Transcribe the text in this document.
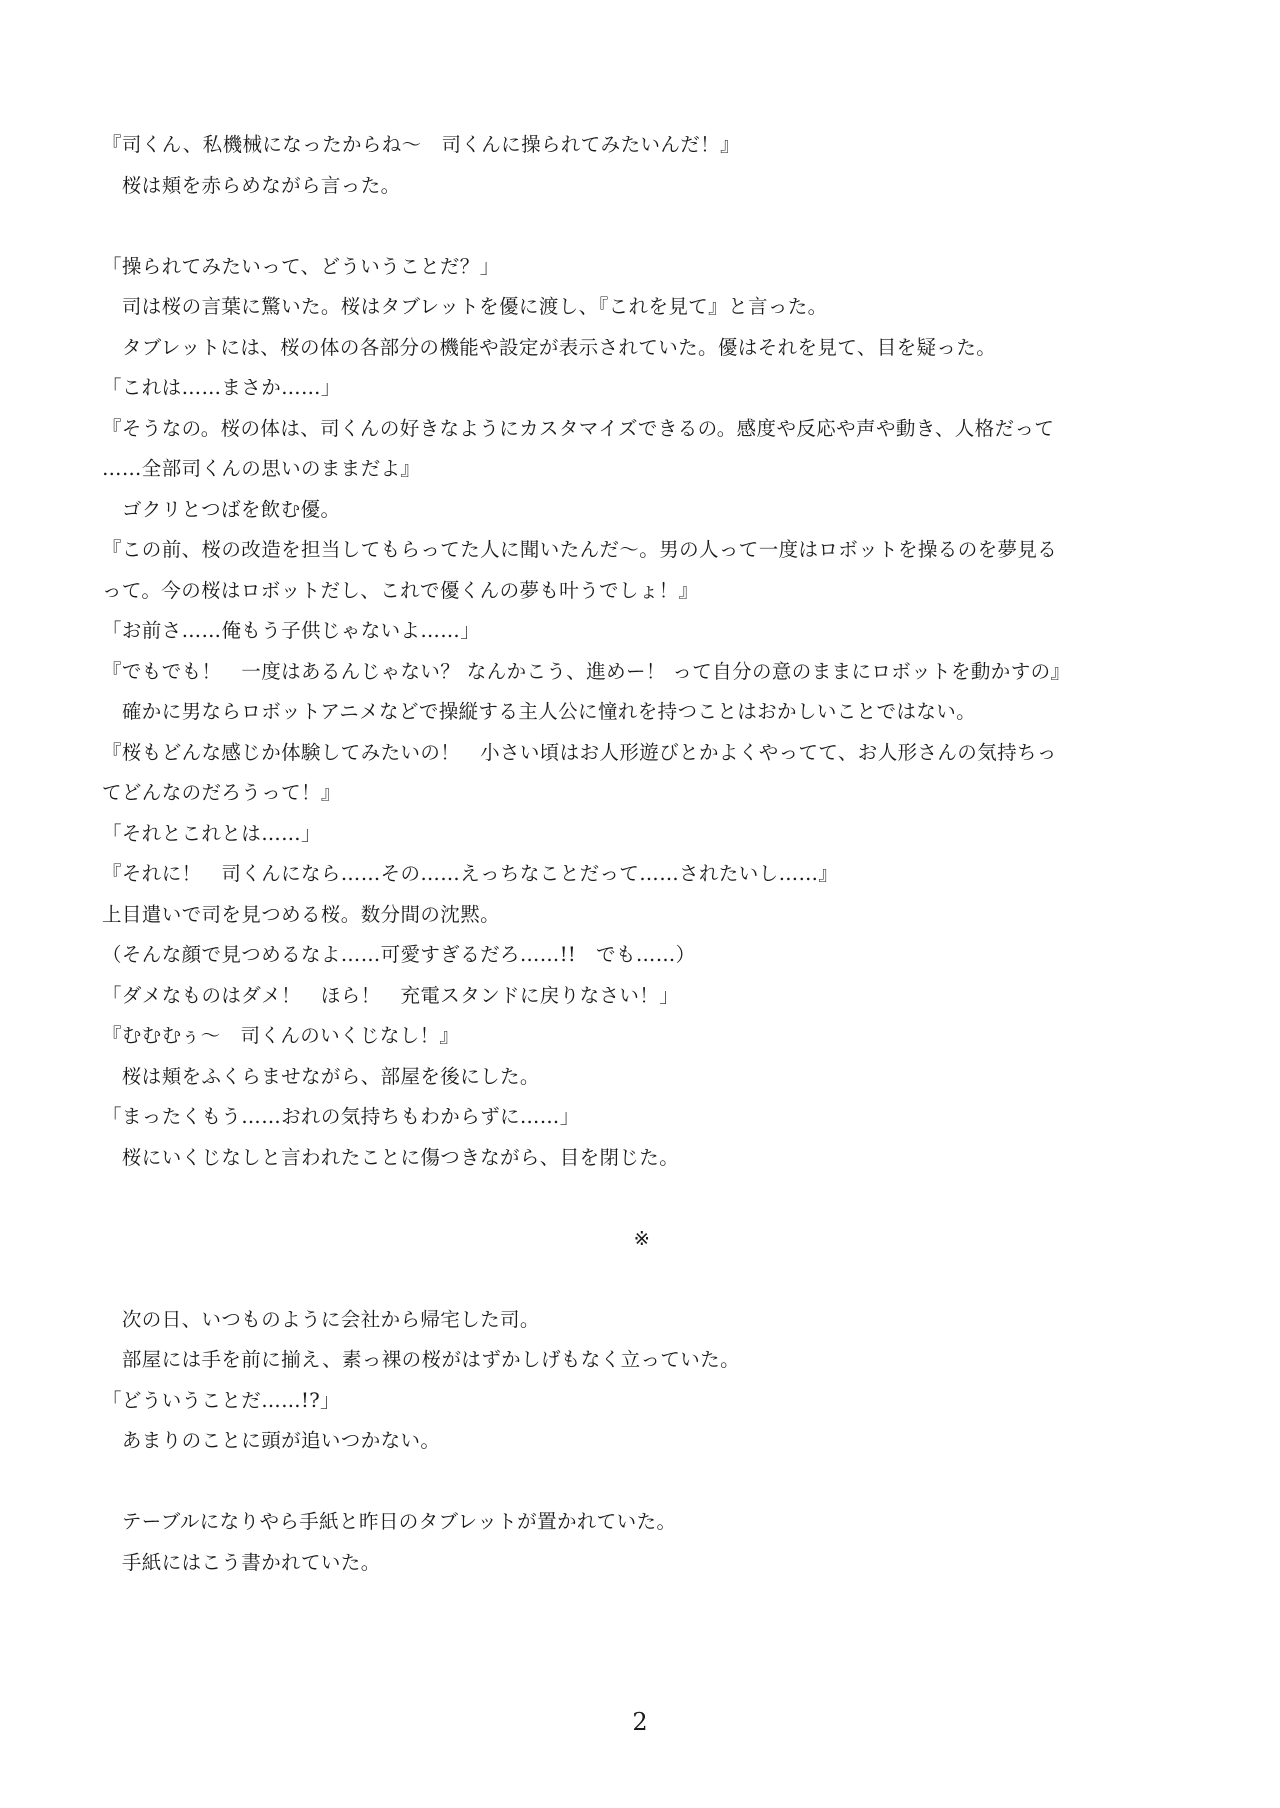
『司くん、私機械になったからね〜　司くんに操られてみたいんだ！』
　桜は頬を赤らめながら言った。
「操られてみたいって、どういうことだ？」
　司は桜の言葉に驚いた。桜はタブレットを優に渡し、『これを見て』と言った。
　タブレットには、桜の体の各部分の機能や設定が表示されていた。優はそれを見て、目を疑った。
「これは……まさか……」
『そうなの。桜の体は、司くんの好きなようにカスタマイズできるの。感度や反応や声や動き、人格だって
……全部司くんの思いのままだよ』
　ゴクリとつばを飲む優。
『この前、桜の改造を担当してもらってた人に聞いたんだ〜。男の人って一度はロボットを操るのを夢見る
って。今の桜はロボットだし、これで優くんの夢も叶うでしょ！』
「お前さ……俺もう子供じゃないよ……」
『でもでも！　一度はあるんじゃない？ なんかこう、進めー！ って自分の意のままにロボットを動かすの』
　確かに男ならロボットアニメなどで操縦する主人公に憧れを持つことはおかしいことではない。
『桜もどんな感じか体験してみたいの！　小さい頃はお人形遊びとかよくやってて、お人形さんの気持ちっ
てどんなのだろうって！』
「それとこれとは……」
『それに！　司くんになら……その……えっちなことだって……されたいし……』
上目遣いで司を見つめる桜。数分間の沈黙。
（そんな顔で見つめるなよ……可愛すぎるだろ……!!　でも……）
「ダメなものはダメ！　ほら！　充電スタンドに戻りなさい！」
『むむむぅ〜　司くんのいくじなし！』
　桜は頬をふくらませながら、部屋を後にした。
「まったくもう……おれの気持ちもわからずに……」
　桜にいくじなしと言われたことに傷つきながら、目を閉じた。
※
　次の日、いつものように会社から帰宅した司。
　部屋には手を前に揃え、素っ裸の桜がはずかしげもなく立っていた。
「どういうことだ……!?」
　あまりのことに頭が追いつかない。
　テーブルになりやら手紙と昨日のタブレットが置かれていた。
　手紙にはこう書かれていた。
2
